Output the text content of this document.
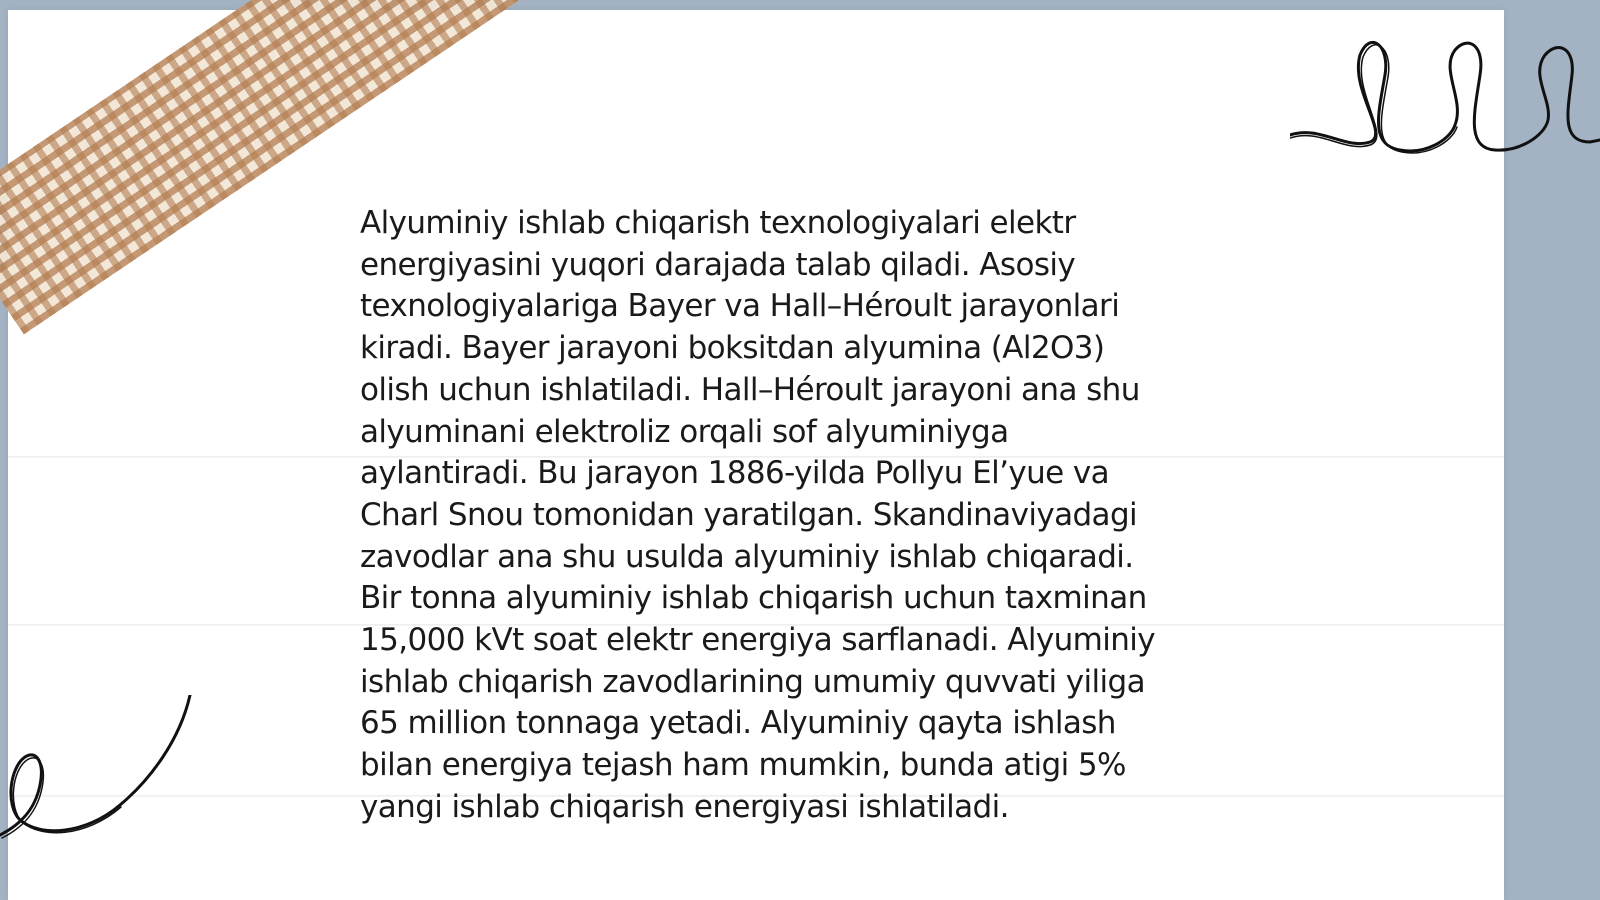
Alyuminiy ishlab chiqarish texnologiyalari elektr
energiyasini yuqori darajada talab qiladi. Asosiy
texnologiyalariga Bayer va Hall–Héroult jarayonlari
kiradi. Bayer jarayoni boksitdan alyumina (Al2O3)
olish uchun ishlatiladi. Hall–Héroult jarayoni ana shu
alyuminani elektroliz orqali sof alyuminiyga
aylantiradi. Bu jarayon 1886-yilda Pollyu El’yue va
Charl Snou tomonidan yaratilgan. Skandinaviyadagi
zavodlar ana shu usulda alyuminiy ishlab chiqaradi.
Bir tonna alyuminiy ishlab chiqarish uchun taxminan
15,000 kVt soat elektr energiya sarflanadi. Alyuminiy
ishlab chiqarish zavodlarining umumiy quvvati yiliga
65 million tonnaga yetadi. Alyuminiy qayta ishlash
bilan energiya tejash ham mumkin, bunda atigi 5%
yangi ishlab chiqarish energiyasi ishlatiladi.
